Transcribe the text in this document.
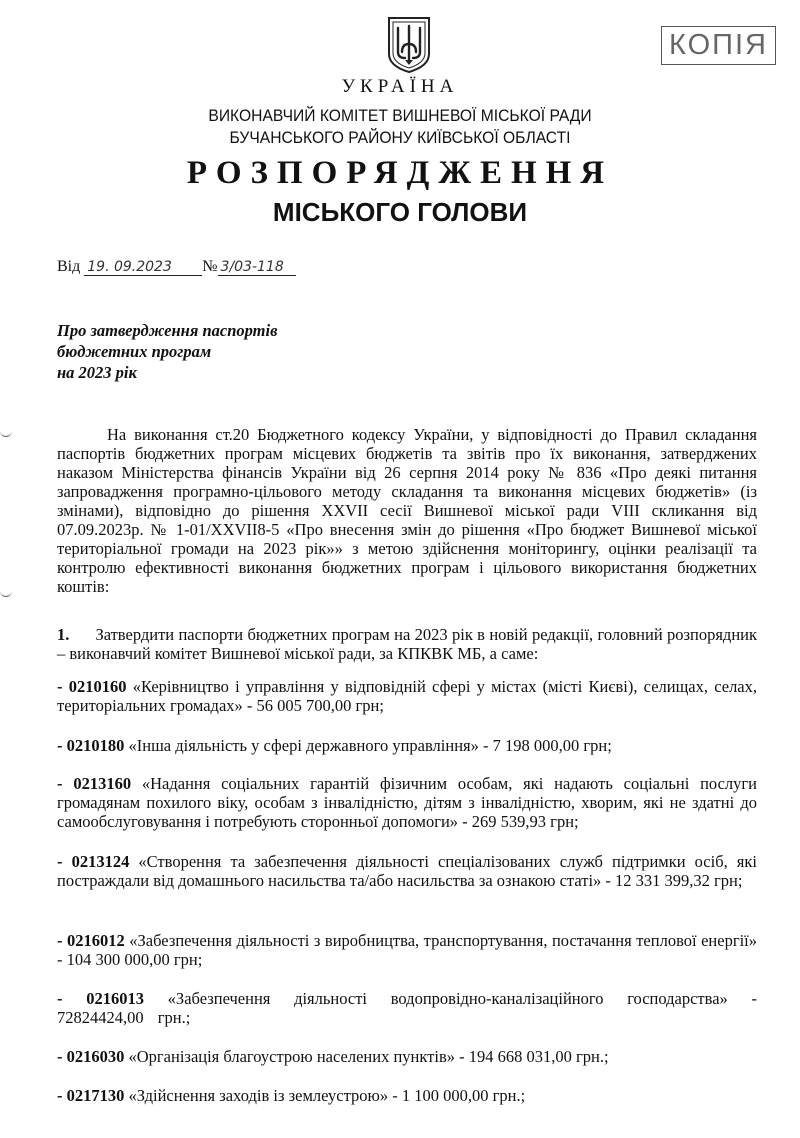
КОПІЯ
УКРАЇНА
ВИКОНАВЧИЙ КОМІТЕТ ВИШНЕВОЇ МІСЬКОЇ РАДИ
БУЧАНСЬКОГО РАЙОНУ КИЇВСЬКОЇ ОБЛАСТІ
РОЗПОРЯДЖЕННЯ
МІСЬКОГО ГОЛОВИ
Від 19. 09.2023 № 3/03-118
Про затвердження паспортів
бюджетних програм
на 2023 рік
На виконання ст.20 Бюджетного кодексу України, у відповідності до Правил складання паспортів бюджетних програм місцевих бюджетів та звітів про їх виконання, затверджених наказом Міністерства фінансів України від 26 серпня 2014 року № 836 «Про деякі питання запровадження програмно-цільового методу складання та виконання місцевих бюджетів» (із змінами), відповідно до рішення XXVII сесії Вишневої міської ради VIII скликання від 07.09.2023р. № 1-01/XXVII8-5 «Про внесення змін до рішення «Про бюджет Вишневої міської територіальної громади на 2023 рік»» з метою здійснення моніторингу, оцінки реалізації та контролю ефективності виконання бюджетних програм і цільового використання бюджетних коштів:
1. Затвердити паспорти бюджетних програм на 2023 рік в новій редакції, головний розпорядник – виконавчий комітет Вишневої міської ради, за КПКВК МБ, а саме:
- 0210160 «Керівництво і управління у відповідній сфері у містах (місті Києві), селищах, селах, територіальних громадах» - 56 005 700,00 грн;
- 0210180 «Інша діяльність у сфері державного управління» - 7 198 000,00 грн;
- 0213160 «Надання соціальних гарантій фізичним особам, які надають соціальні послуги громадянам похилого віку, особам з інвалідністю, дітям з інвалідністю, хворим, які не здатні до самообслуговування і потребують сторонньої допомоги» - 269 539,93 грн;
- 0213124 «Створення та забезпечення діяльності спеціалізованих служб підтримки осіб, які постраждали від домашнього насильства та/або насильства за ознакою статі» - 12 331 399,32 грн;
- 0216012 «Забезпечення діяльності з виробництва, транспортування, постачання теплової енергії» - 104 300 000,00 грн;
- 0216013 «Забезпечення діяльності водопровідно-каналізаційного господарства» - 72824424,00 грн.;
- 0216030 «Організація благоустрою населених пунктів» - 194 668 031,00 грн.;
- 0217130 «Здійснення заходів із землеустрою» - 1 100 000,00 грн.;
